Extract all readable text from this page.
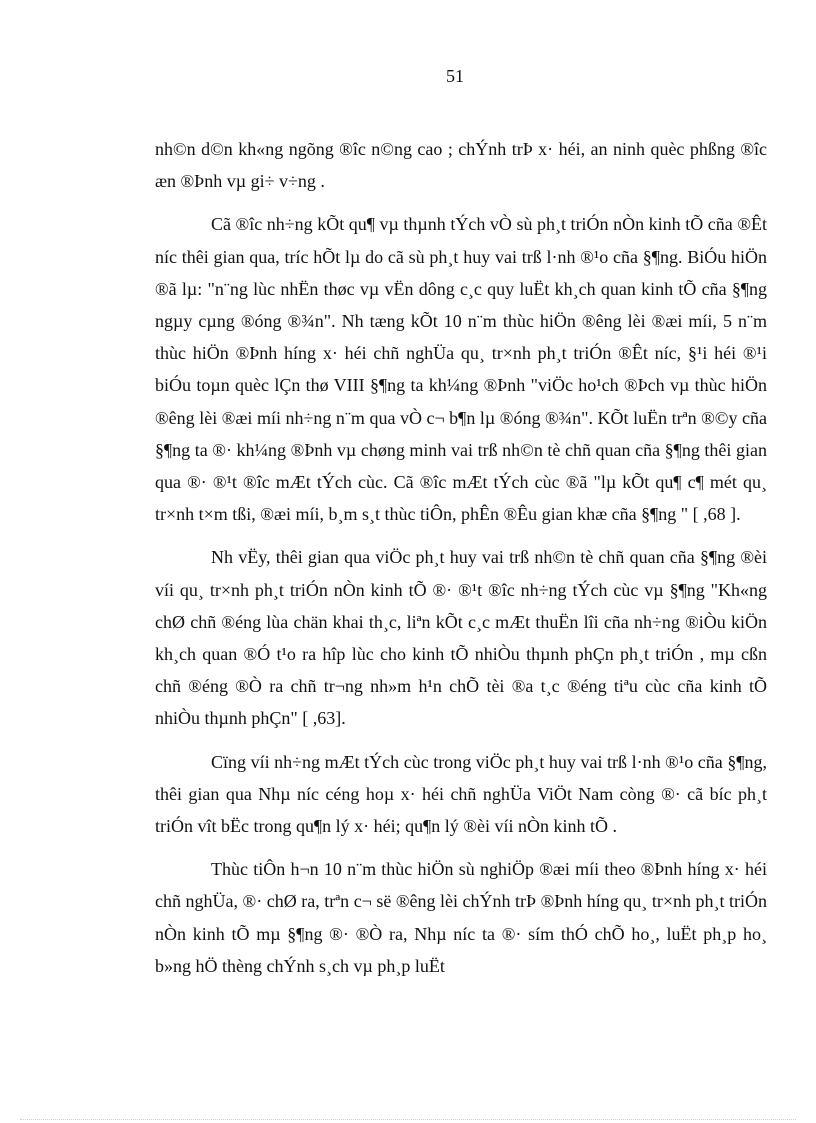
51

nh©n d©n kh«ng ngõng ®îc n©ng cao ; chÝnh trÞ x· héi, an ninh quèc phßng ®îc æn ®Þnh vµ gi÷ v÷ng .

Cã ®îc nh÷ng kÕt qu¶ vµ thµnh tÝch vÒ sù ph¸t triÓn nÒn kinh tÕ cña ®Êt níc thêi gian qua, tríc hÕt lµ do cã sù ph¸t huy vai trß l·nh ®¹o cña §¶ng. BiÓu hiÖn ®ã lµ: "n¨ng lùc nhËn thøc vµ vËn dông c¸c quy luËt kh¸ch quan kinh tÕ cña §¶ng ngµy cµng ®óng ®¾n". Nh tæng kÕt 10 n¨m thùc hiÖn ®êng lèi ®æi míi, 5 n¨m thùc hiÖn ®Þnh híng x· héi chñ nghÜa qu¸ tr×nh ph¸t triÓn ®Êt níc, §¹i héi ®¹i biÓu toµn quèc lÇn thø VIII §¶ng ta kh¼ng ®Þnh "viÖc ho¹ch ®Þch vµ thùc hiÖn ®êng lèi ®æi míi nh÷ng n¨m qua vÒ c¬ b¶n lµ ®óng ®¾n". KÕt luËn trªn ®©y cña §¶ng ta ®· kh¼ng ®Þnh vµ chøng minh vai trß nh©n tè chñ quan cña §¶ng thêi gian qua ®· ®¹t ®îc mÆt tÝch cùc. Cã ®îc mÆt tÝch cùc ®ã "lµ kÕt qu¶ c¶ mét qu¸ tr×nh t×m tßi, ®æi míi, b¸m s¸t thùc tiÔn, phÊn ®Êu gian khæ cña §¶ng " [ ,68 ].

Nh vËy, thêi gian qua viÖc ph¸t huy vai trß nh©n tè chñ quan cña §¶ng ®èi víi qu¸ tr×nh ph¸t triÓn nÒn kinh tÕ ®· ®¹t ®îc nh÷ng tÝch cùc vµ §¶ng "Kh«ng chØ chñ ®éng lùa chän khai th¸c, liªn kÕt c¸c mÆt thuËn lîi cña nh÷ng ®iÒu kiÖn kh¸ch quan ®Ó t¹o ra hîp lùc cho kinh tÕ nhiÒu thµnh phÇn ph¸t triÓn , mµ cßn chñ ®éng ®Ò ra chñ tr¬ng nh»m h¹n chÕ tèi ®a t¸c ®éng tiªu cùc cña kinh tÕ nhiÒu thµnh phÇn" [ ,63].

Cïng víi nh÷ng mÆt tÝch cùc trong viÖc ph¸t huy vai trß l·nh ®¹o cña §¶ng, thêi gian qua Nhµ níc céng hoµ x· héi chñ nghÜa ViÖt Nam còng ®· cã bíc ph¸t triÓn vît bËc trong qu¶n lý x· héi; qu¶n lý ®èi víi nÒn kinh tÕ .

Thùc tiÔn h¬n 10 n¨m thùc hiÖn sù nghiÖp ®æi míi theo ®Þnh híng x· héi chñ nghÜa, ®· chØ ra, trªn c¬ së ®êng lèi chÝnh trÞ ®Þnh híng qu¸ tr×nh ph¸t triÓn nÒn kinh tÕ mµ §¶ng ®· ®Ò ra, Nhµ níc ta ®· sím thÓ chÕ ho¸, luËt ph¸p ho¸ b»ng hÖ thèng chÝnh s¸ch vµ ph¸p luËt
